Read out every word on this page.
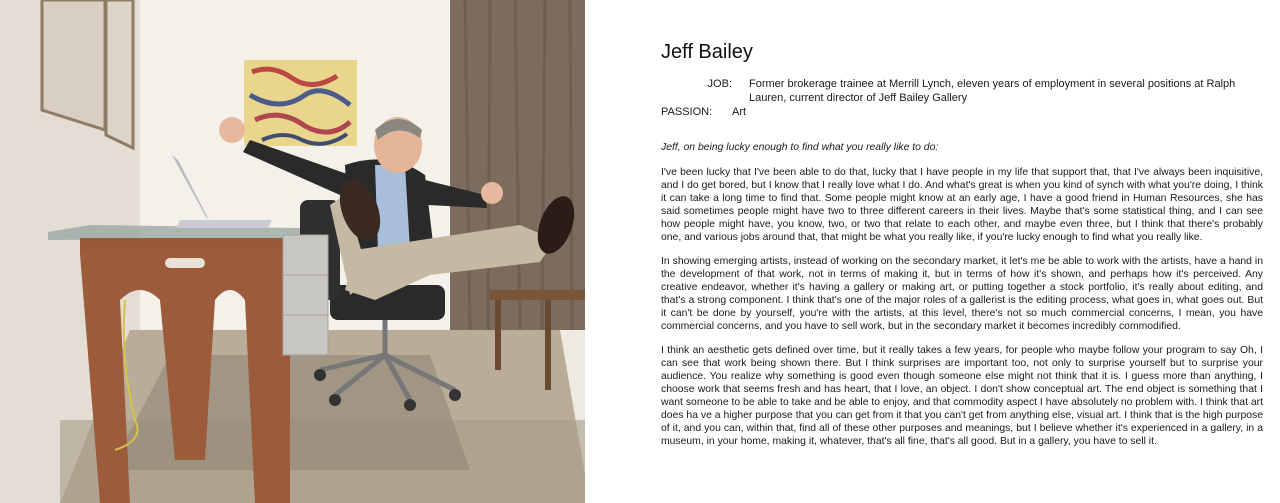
Jeff Bailey
JOB:	Former brokerage trainee at Merrill Lynch, eleven years of employment in several positions at Ralph Lauren, current director of Jeff Bailey Gallery
PASSION:	Art

Jeff, on being lucky enough to find what you really like to do:

I've been lucky that I've been able to do that, lucky that I have people in my life that support that, that I've always been inquisitive, and I do get bored, but I know that I really love what I do. And what's great is when you kind of synch with what you're doing, I think it can take a long time to find that. Some people might know at an early age, I have a good friend in Human Resources, she has said sometimes people might have two to three different careers in their lives. Maybe that's some statistical thing, and I can see how people might have, you know, two, or two that relate to each other, and maybe even three, but I think that there's probably one, and various jobs around that, that might be what you really like, if you're lucky enough to find what you really like.

In showing emerging artists, instead of working on the secondary market, it let's me be able to work with the artists, have a hand in the development of that work, not in terms of making it, but in terms of how it's shown, and perhaps how it's perceived. Any creative endeavor, whether it's having a gallery or making art, or putting together a stock portfolio, it's really about editing, and that's a strong component. I think that's one of the major roles of a gallerist is the editing process, what goes in, what goes out. But it can't be done by yourself, you're with the artists, at this level, there's not so much commercial concerns, I mean, you have commercial concerns, and you have to sell work, but in the secondary market it becomes incredibly commodified.

I think an aesthetic gets defined over time, but it really takes a few years, for people who maybe follow your program to say Oh, I can see that work being shown there. But I think surprises are important too, not only to surprise yourself but to surprise your audience. You realize why something is good even though someone else might not think that it is. I guess more than anything, I choose work that seems fresh and has heart, that I love, an object. I don't show conceptual art. The end object is something that I want someone to be able to take and be able to enjoy, and that commodity aspect I have absolutely no problem with. I think that art does ha ve a higher purpose that you can get from it that you can't get from anything else, visual art. I think that is the high purpose of it, and you can, within that, find all of these other purposes and meanings, but I believe whether it's experienced in a gallery, in a museum, in your home, making it, whatever, that's all fine, that's all good. But in a gallery, you have to sell it.
